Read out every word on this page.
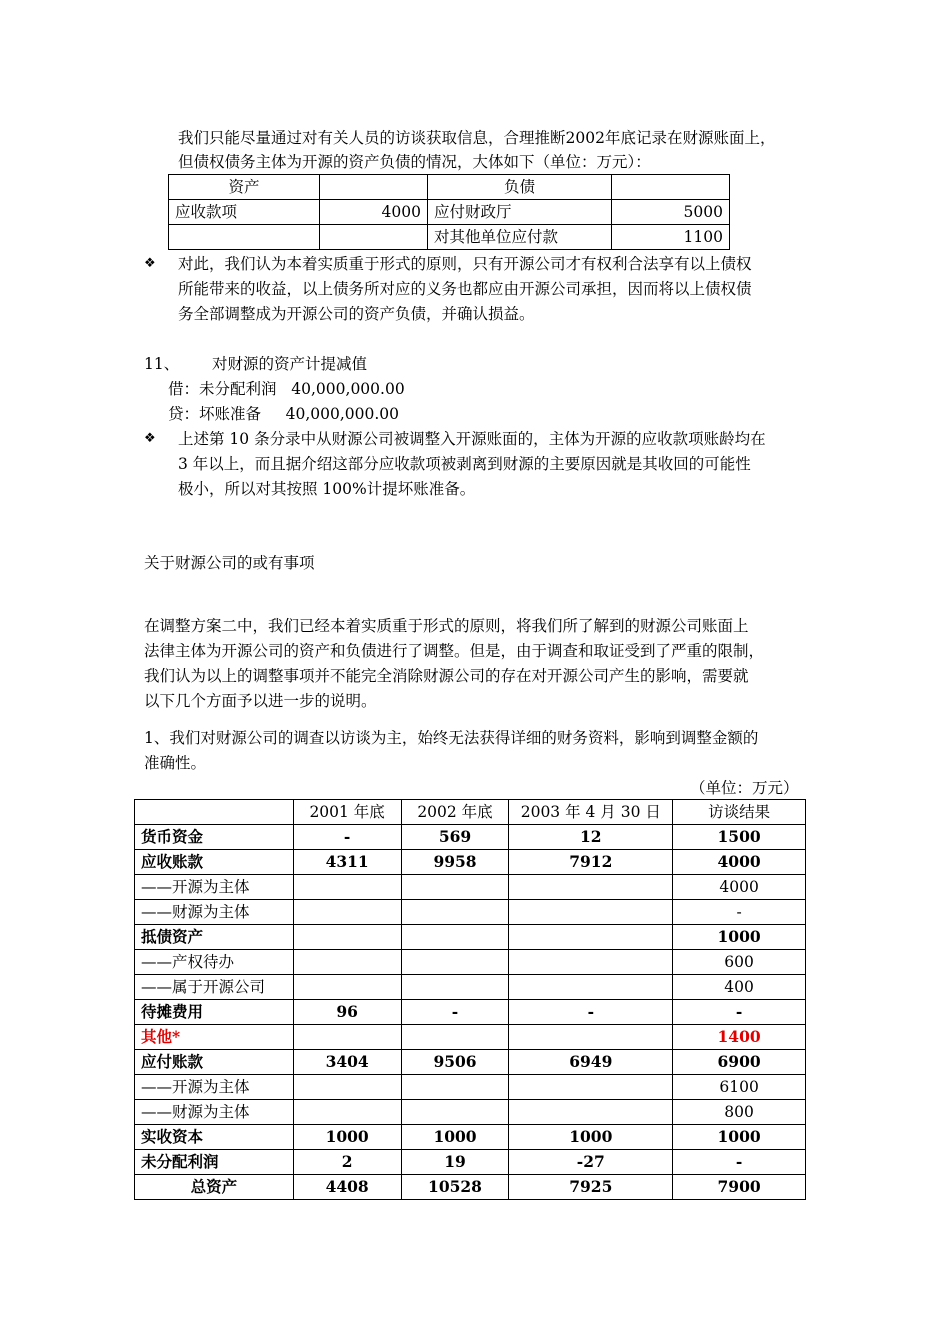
我们只能尽量通过对有关人员的访谈获取信息，合理推断2002年底记录在财源账面上，
但债权债务主体为开源的资产负债的情况，大体如下（单位：万元）：
资产		负债	
应收款项	4000	应付财政厅	5000
		对其他单位应付款	1100
❖ 对此，我们认为本着实质重于形式的原则，只有开源公司才有权利合法享有以上债权
所能带来的收益，以上债务所对应的义务也都应由开源公司承担，因而将以上债权债
务全部调整成为开源公司的资产负债，并确认损益。
11、 对财源的资产计提减值
借：未分配利润   40,000,000.00
贷：坏账准备     40,000,000.00
❖ 上述第 10 条分录中从财源公司被调整入开源账面的，主体为开源的应收款项账龄均在
3 年以上，而且据介绍这部分应收款项被剥离到财源的主要原因就是其收回的可能性
极小，所以对其按照 100%计提坏账准备。
关于财源公司的或有事项
在调整方案二中，我们已经本着实质重于形式的原则，将我们所了解到的财源公司账面上
法律主体为开源公司的资产和负债进行了调整。但是，由于调查和取证受到了严重的限制，
我们认为以上的调整事项并不能完全消除财源公司的存在对开源公司产生的影响，需要就
以下几个方面予以进一步的说明。
1、我们对财源公司的调查以访谈为主，始终无法获得详细的财务资料，影响到调整金额的
准确性。
（单位：万元）
	2001 年底	2002 年底	2003 年 4 月 30 日	访谈结果
货币资金	-	569	12	1500
应收账款	4311	9958	7912	4000
——开源为主体				4000
——财源为主体				-
抵债资产				1000
——产权待办				600
——属于开源公司				400
待摊费用	96	-	-	-
其他*				1400
应付账款	3404	9506	6949	6900
——开源为主体				6100
——财源为主体				800
实收资本	1000	1000	1000	1000
未分配利润	2	19	-27	-
总资产	4408	10528	7925	7900
